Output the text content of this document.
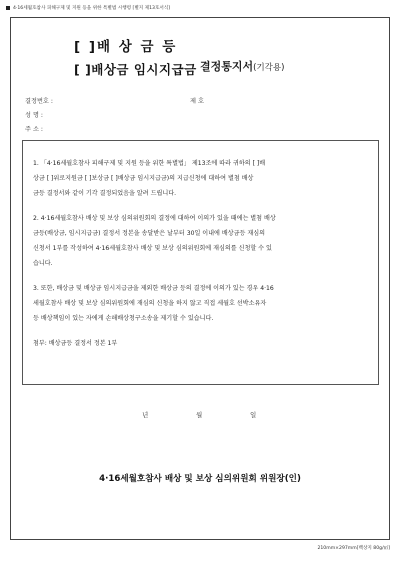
4·16세월호참사 피해구제 및 지원 등을 위한 특별법 시행령 [별지 제13호서식]
[ ]배 상 금 등
[ ]배상금 임시지급금 결정통지서(기각용)
결정번호 :	제 호
성 명 :
주 소 :

1. 「4·16세월호참사 피해구제 및 지원 등을 위한 특별법」 제13조에 따라 귀하의 [ ]배

상금 [ ]위로지원금 [ ]보상금 [ ]배상금 임시지급금)의 지급신청에 대하여 별첨 배상

금등 결정서와 같이 기각 결정되었음을 알려 드립니다.

2. 4·16세월호참사 배상 및 보상 심의위원회의 결정에 대하여 이의가 있을 때에는 별첨 배상

금등(배상금, 임시지급금) 결정서 정본을 송달받은 날부터 30일 이내에 배상금등 재심의

신청서 1부를 작성하여 4·16세월호참사 배상 및 보상 심의위원회에 재심의를 신청할 수 있

습니다.

3. 또한, 배상금 및 배상금 임시지급금을 제외한 배상금 등의 결정에 이의가 있는 경우 4·16

세월호참사 배상 및 보상 심의위원회에 재심의 신청을 하지 않고 직접 세월호 선박소유자

등 배상책임이 있는 자에게 손해배상청구소송을 제기할 수 있습니다.

첨부: 배상금등 결정서 정본 1부
년	월	일
4·16세월호참사 배상 및 보상 심의위원회 위원장(인)
210mm×297mm[백상지 80g/㎡]
